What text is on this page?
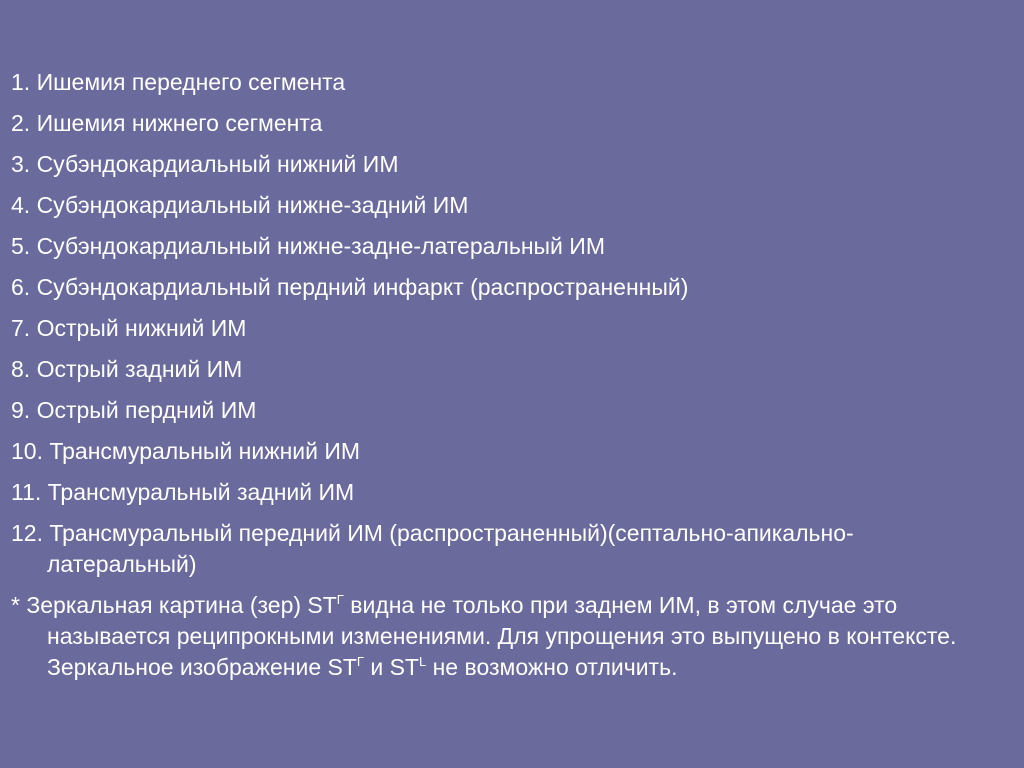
1. Ишемия переднего сегмента

2. Ишемия нижнего сегмента

3. Субэндокардиальный нижний ИМ

4. Субэндокардиальный нижне-задний ИМ

5. Субэндокардиальный нижне-задне-латеральный ИМ

6. Субэндокардиальный пердний инфаркт (распространенный)

7. Острый нижний ИМ

8. Острый задний ИМ

9. Острый пердний ИМ

10. Трансмуральный нижний ИМ

11. Трансмуральный задний ИМ

12. Трансмуральный передний ИМ (распространенный)(септально-апикально-латеральный)

* Зеркальная картина (зер) $ST^Г$ видна не только при заднем ИМ, в этом случае это называется реципрокными изменениями. Для упрощения это выпущено в контексте. Зеркальное изображение $ST^Г$ и $ST^L$ не возможно отличить.
